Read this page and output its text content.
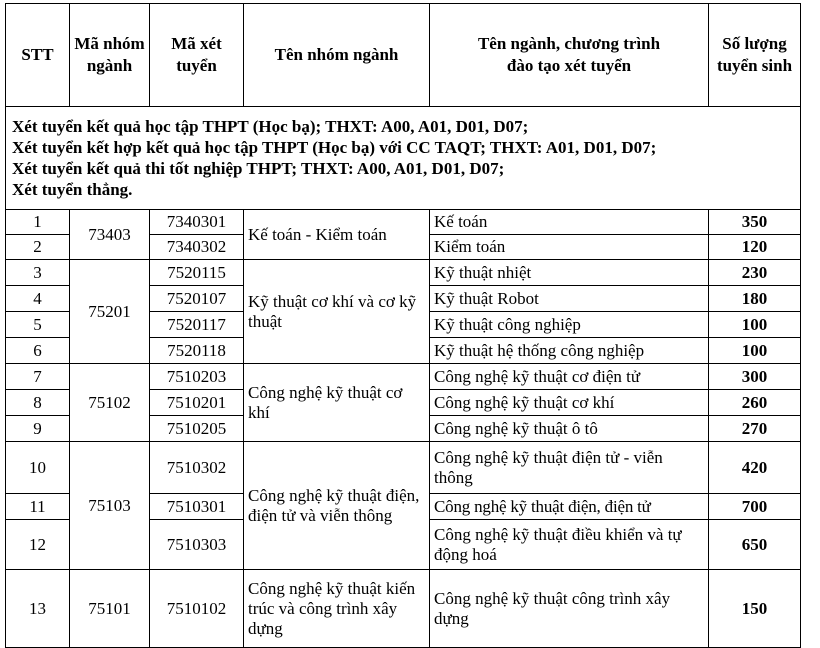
STT	Mã nhóm ngành	Mã xét tuyển	Tên nhóm ngành	Tên ngành, chương trình đào tạo xét tuyển	Số lượng tuyển sinh

Xét tuyển kết quả học tập THPT (Học bạ); THXT: A00, A01, D01, D07;
Xét tuyển kết hợp kết quả học tập THPT (Học bạ) với CC TAQT; THXT: A01, D01, D07;
Xét tuyển kết quả thi tốt nghiệp THPT; THXT: A00, A01, D01, D07;
Xét tuyển thẳng.					

1	73403	7340301	Kế toán - Kiểm toán	Kế toán	350
2		7340302		Kiểm toán	120
3	75201	7520115	Kỹ thuật cơ khí và cơ kỹ thuật	Kỹ thuật nhiệt	230
4		7520107		Kỹ thuật Robot	180
5		7520117		Kỹ thuật công nghiệp	100
6		7520118		Kỹ thuật hệ thống công nghiệp	100
7	75102	7510203	Công nghệ kỹ thuật cơ khí	Công nghệ kỹ thuật cơ điện tử	300
8		7510201		Công nghệ kỹ thuật cơ khí	260
9		7510205		Công nghệ kỹ thuật ô tô	270
10	75103	7510302	Công nghệ kỹ thuật điện, điện tử và viễn thông	Công nghệ kỹ thuật điện tử - viễn thông	420
11		7510301		Công nghệ kỹ thuật điện, điện tử	700
12		7510303		Công nghệ kỹ thuật điều khiển và tự động hoá	650
13	75101	7510102	Công nghệ kỹ thuật kiến trúc và công trình xây dựng	Công nghệ kỹ thuật công trình xây dựng	150
